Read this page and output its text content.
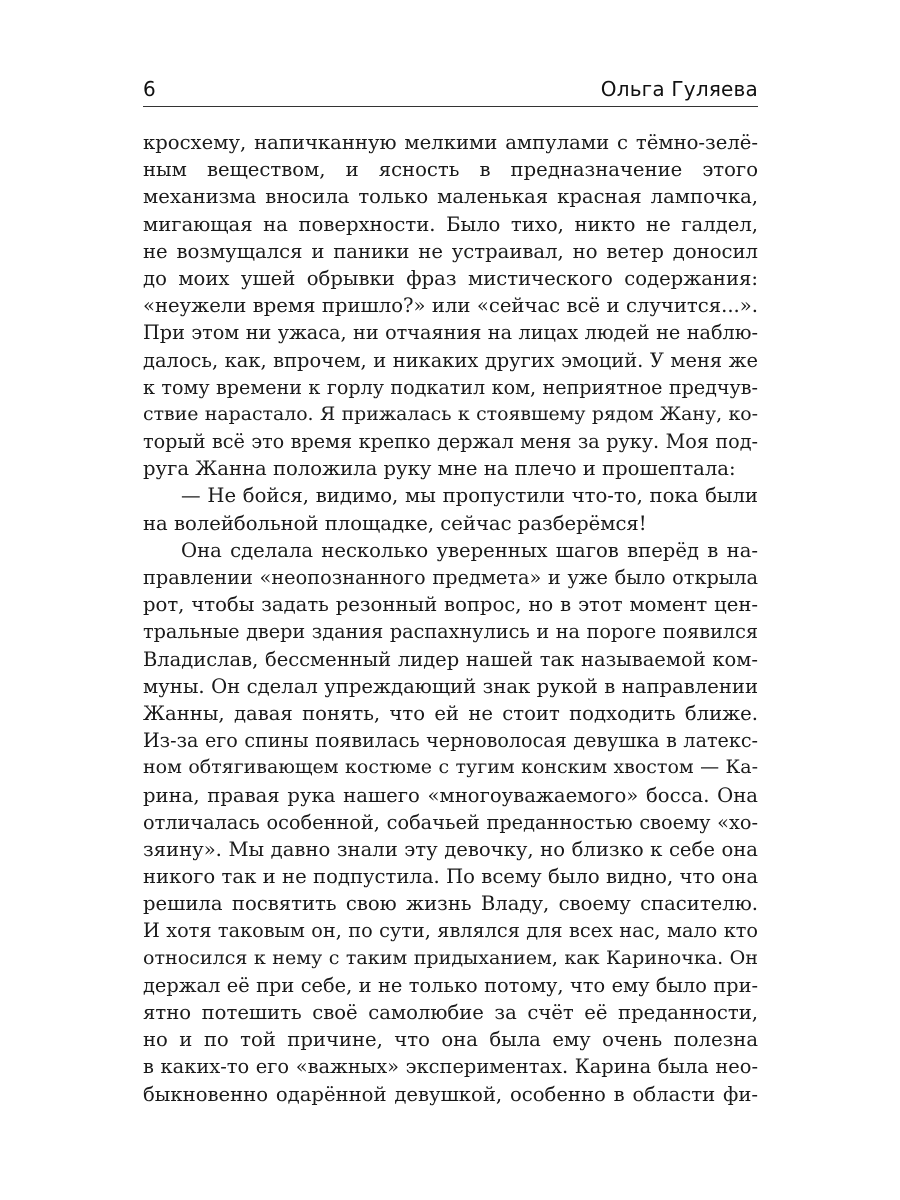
6	Ольга Гуляева
кросхему, напичканную мелкими ампулами с тёмно-зелё-
ным веществом, и ясность в предназначение этого
механизма вносила только маленькая красная лампочка,
мигающая на поверхности. Было тихо, никто не галдел,
не возмущался и паники не устраивал, но ветер доносил
до моих ушей обрывки фраз мистического содержания:
«неужели время пришло?» или «сейчас всё и случится...».
При этом ни ужаса, ни отчаяния на лицах людей не наблю-
далось, как, впрочем, и никаких других эмоций. У меня же
к тому времени к горлу подкатил ком, неприятное предчув-
ствие нарастало. Я прижалась к стоявшему рядом Жану, ко-
торый всё это время крепко держал меня за руку. Моя под-
руга Жанна положила руку мне на плечо и прошептала:
— Не бойся, видимо, мы пропустили что-то, пока были
на волейбольной площадке, сейчас разберёмся!
Она сделала несколько уверенных шагов вперёд в на-
правлении «неопознанного предмета» и уже было открыла
рот, чтобы задать резонный вопрос, но в этот момент цен-
тральные двери здания распахнулись и на пороге появился
Владислав, бессменный лидер нашей так называемой ком-
муны. Он сделал упреждающий знак рукой в направлении
Жанны, давая понять, что ей не стоит подходить ближе.
Из-за его спины появилась черноволосая девушка в латекс-
ном обтягивающем костюме с тугим конским хвостом — Ка-
рина, правая рука нашего «многоуважаемого» босса. Она
отличалась особенной, собачьей преданностью своему «хо-
зяину». Мы давно знали эту девочку, но близко к себе она
никого так и не подпустила. По всему было видно, что она
решила посвятить свою жизнь Владу, своему спасителю.
И хотя таковым он, по сути, являлся для всех нас, мало кто
относился к нему с таким придыханием, как Кариночка. Он
держал её при себе, и не только потому, что ему было при-
ятно потешить своё самолюбие за счёт её преданности,
но и по той причине, что она была ему очень полезна
в каких-то его «важных» экспериментах. Карина была нео-
быкновенно одарённой девушкой, особенно в области фи-
